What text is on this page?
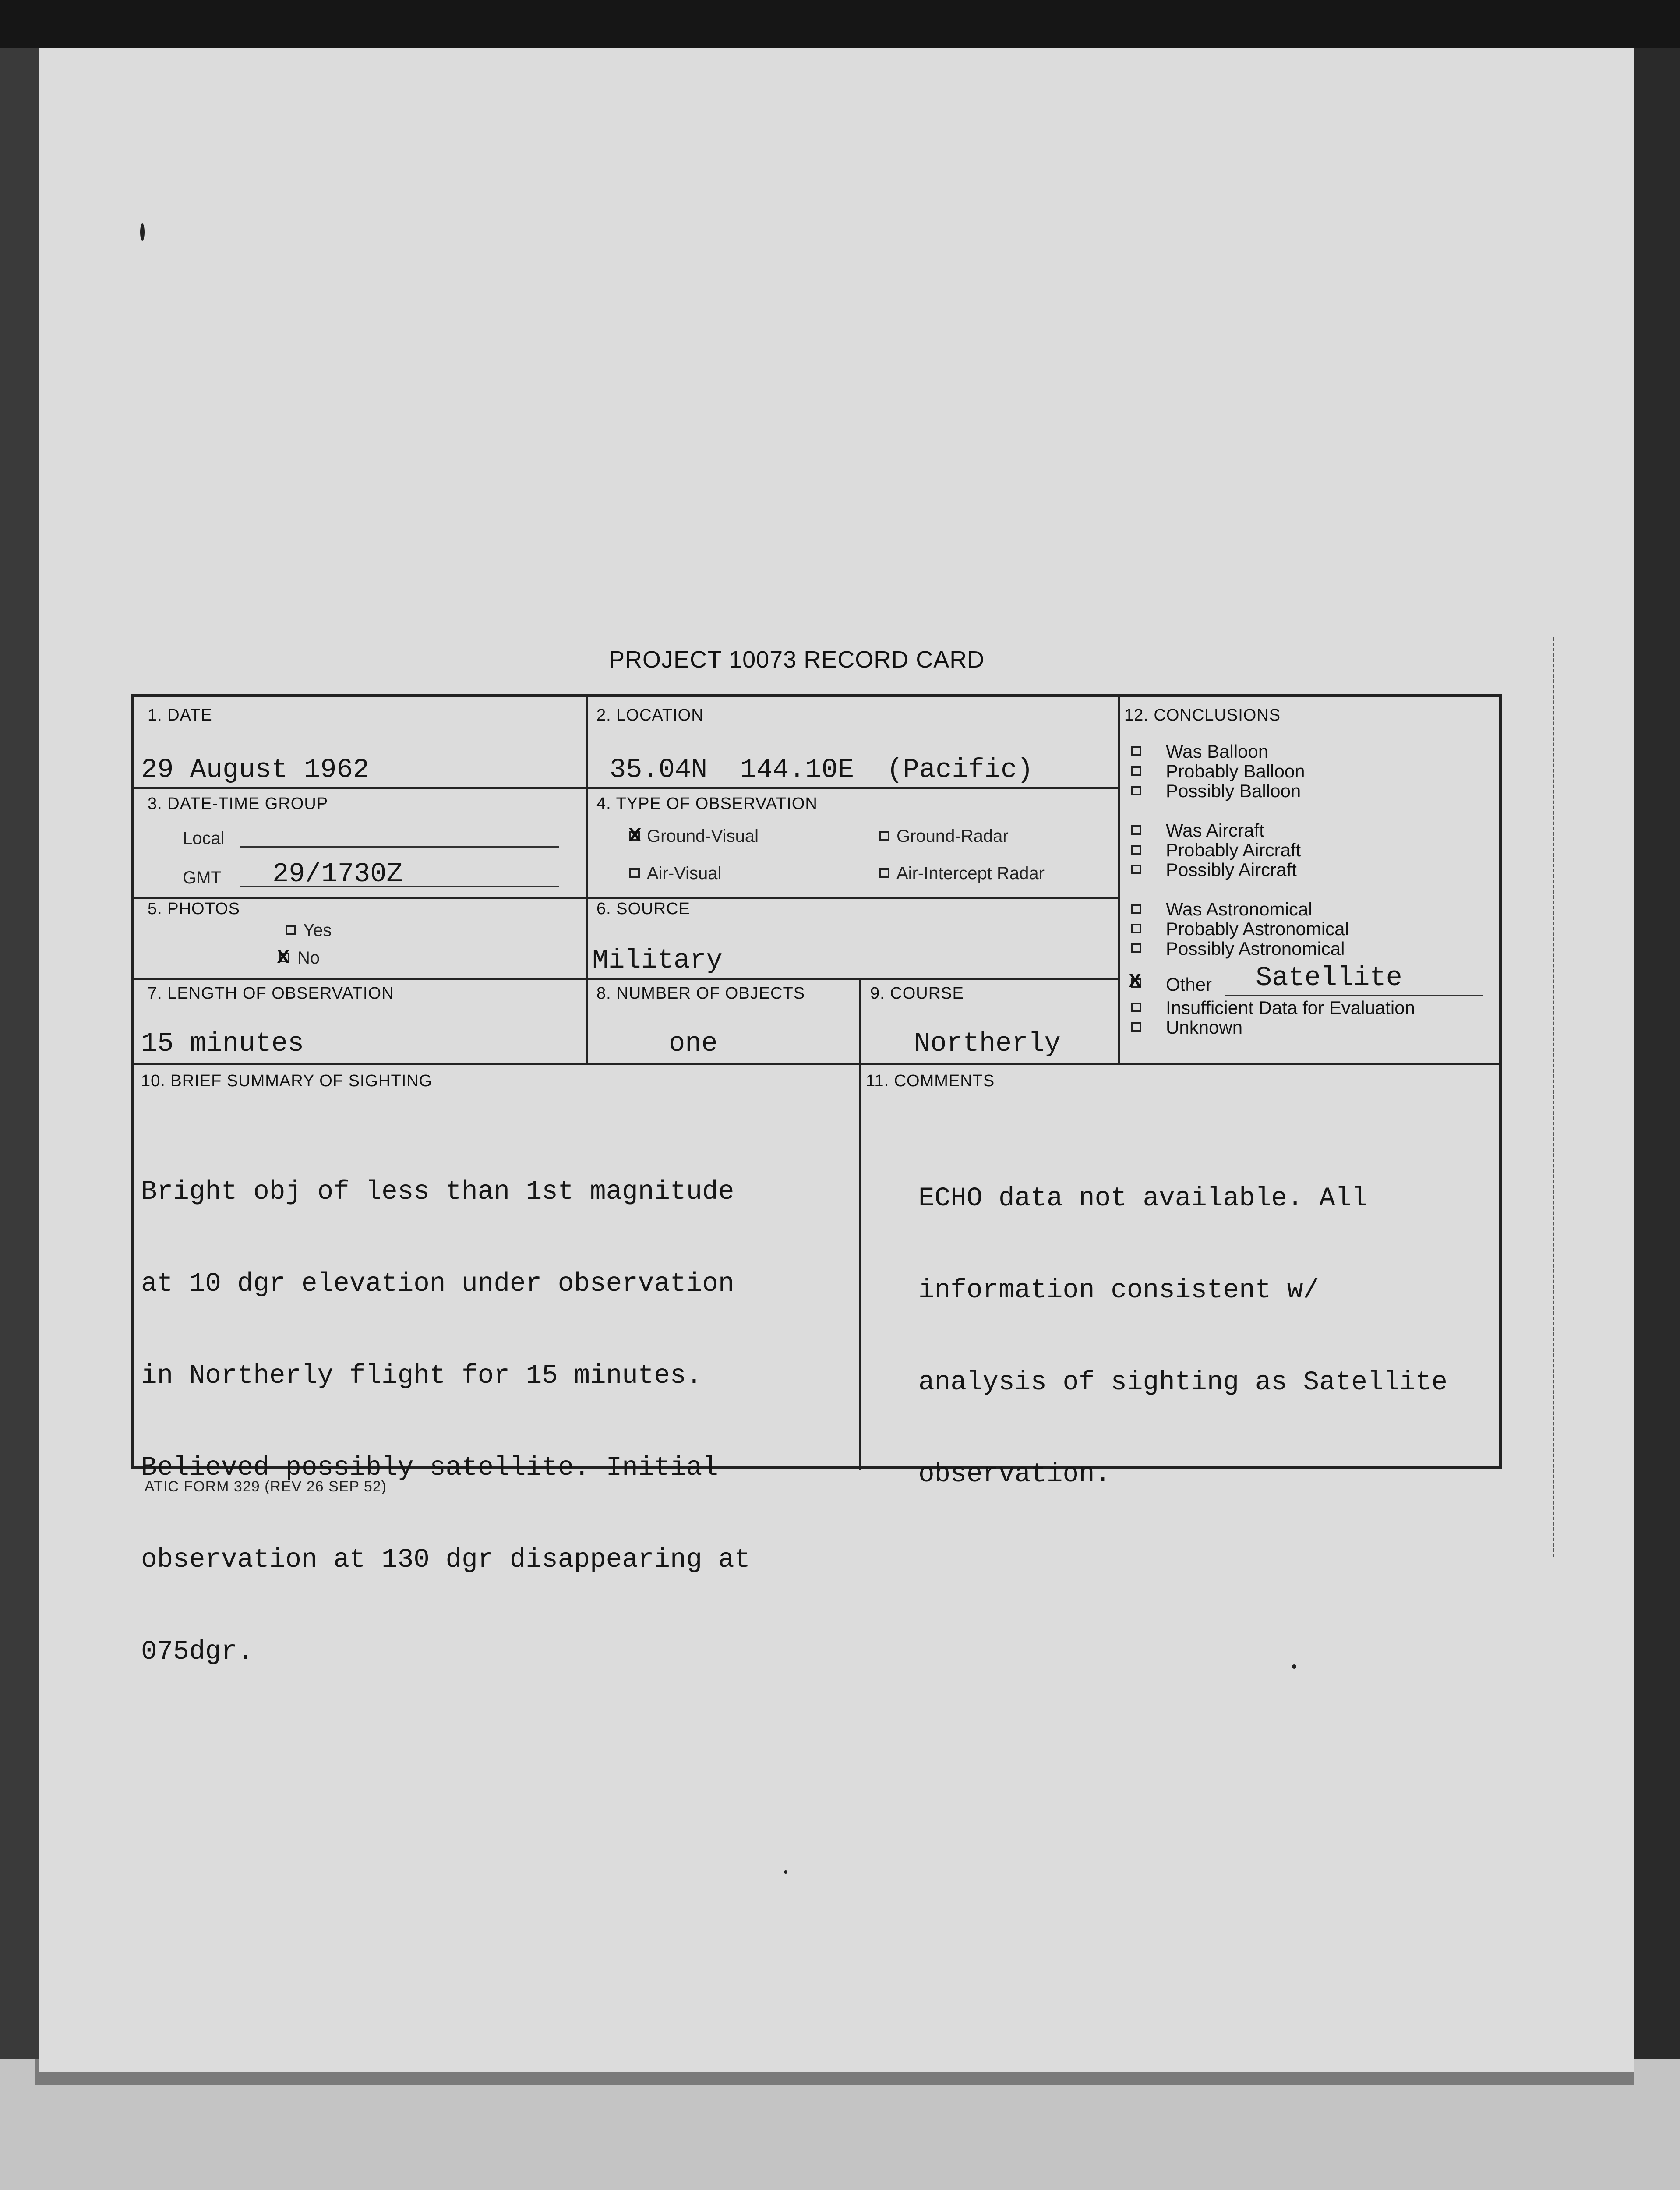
PROJECT 10073 RECORD CARD
1. DATE
29 August 1962
2. LOCATION
35.04N  144.10E  (Pacific)
3. DATE-TIME GROUP
Local
GMT 29/1730Z
4. TYPE OF OBSERVATION
X Ground-Visual	Ground-Radar
Air-Visual	Air-Intercept Radar
5. PHOTOS
Yes
X No
6. SOURCE
Military
7. LENGTH OF OBSERVATION
15 minutes
8. NUMBER OF OBJECTS
one
9. COURSE
Northerly
12. CONCLUSIONS
Was Balloon
Probably Balloon
Possibly Balloon
Was Aircraft
Probably Aircraft
Possibly Aircraft
Was Astronomical
Probably Astronomical
Possibly Astronomical
X Other Satellite
Insufficient Data for Evaluation
Unknown
10. BRIEF SUMMARY OF SIGHTING

Bright obj of less than 1st magnitude

at 10 dgr elevation under observation

in Northerly flight for 15 minutes.

Believed possibly satellite. Initial

observation at 130 dgr disappearing at

075dgr.

11. COMMENTS

ECHO data not available. All

information consistent w/

analysis of sighting as Satellite

observation.

ATIC FORM 329 (REV 26 SEP 52)
